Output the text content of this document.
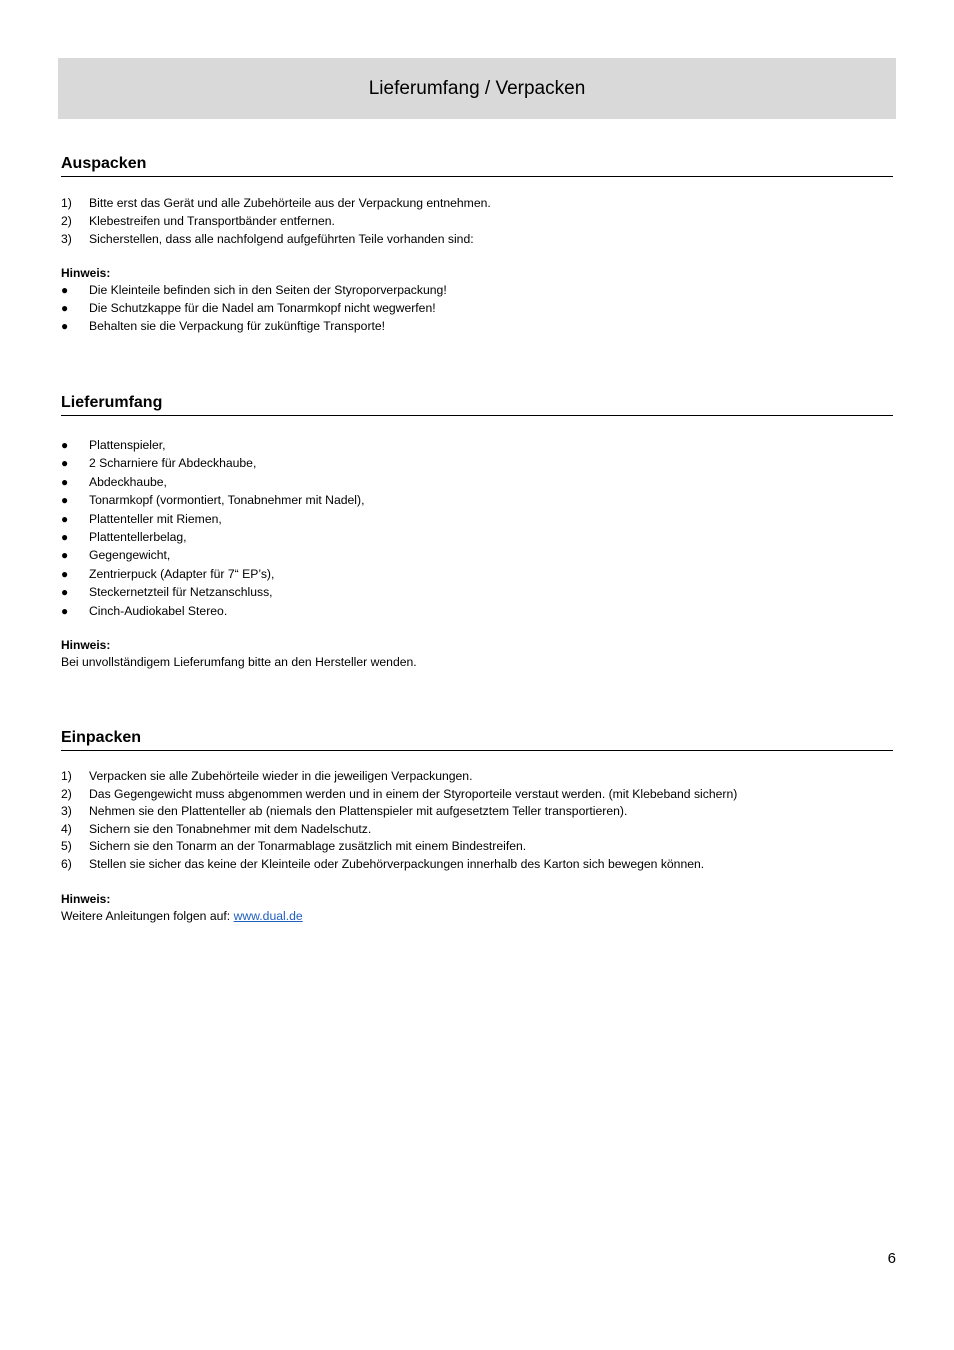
Lieferumfang / Verpacken
Auspacken
1) Bitte erst das Gerät und alle Zubehörteile aus der Verpackung entnehmen.
2) Klebestreifen und Transportbänder entfernen.
3) Sicherstellen, dass alle nachfolgend aufgeführten Teile vorhanden sind:

Hinweis:

● Die Kleinteile befinden sich in den Seiten der Styroporverpackung!
● Die Schutzkappe für die Nadel am Tonarmkopf nicht wegwerfen!
● Behalten sie die Verpackung für zukünftige Transporte!
Lieferumfang
● Plattenspieler,
● 2 Scharniere für Abdeckhaube,
● Abdeckhaube,
● Tonarmkopf (vormontiert, Tonabnehmer mit Nadel),
● Plattenteller mit Riemen,
● Plattentellerbelag,
● Gegengewicht,
● Zentrierpuck (Adapter für 7“ EP’s),
● Steckernetzteil für Netzanschluss,
● Cinch-Audiokabel Stereo.

Hinweis:

Bei unvollständigem Lieferumfang bitte an den Hersteller wenden.

Einpacken
1) Verpacken sie alle Zubehörteile wieder in die jeweiligen Verpackungen.
2) Das Gegengewicht muss abgenommen werden und in einem der Styroporteile verstaut werden. (mit Klebeband sichern)
3) Nehmen sie den Plattenteller ab (niemals den Plattenspieler mit aufgesetztem Teller transportieren).
4) Sichern sie den Tonabnehmer mit dem Nadelschutz.
5) Sichern sie den Tonarm an der Tonarmablage zusätzlich mit einem Bindestreifen.
6) Stellen sie sicher das keine der Kleinteile oder Zubehörverpackungen innerhalb des Karton sich bewegen können.

Hinweis:

Weitere Anleitungen folgen auf: www.dual.de

6
